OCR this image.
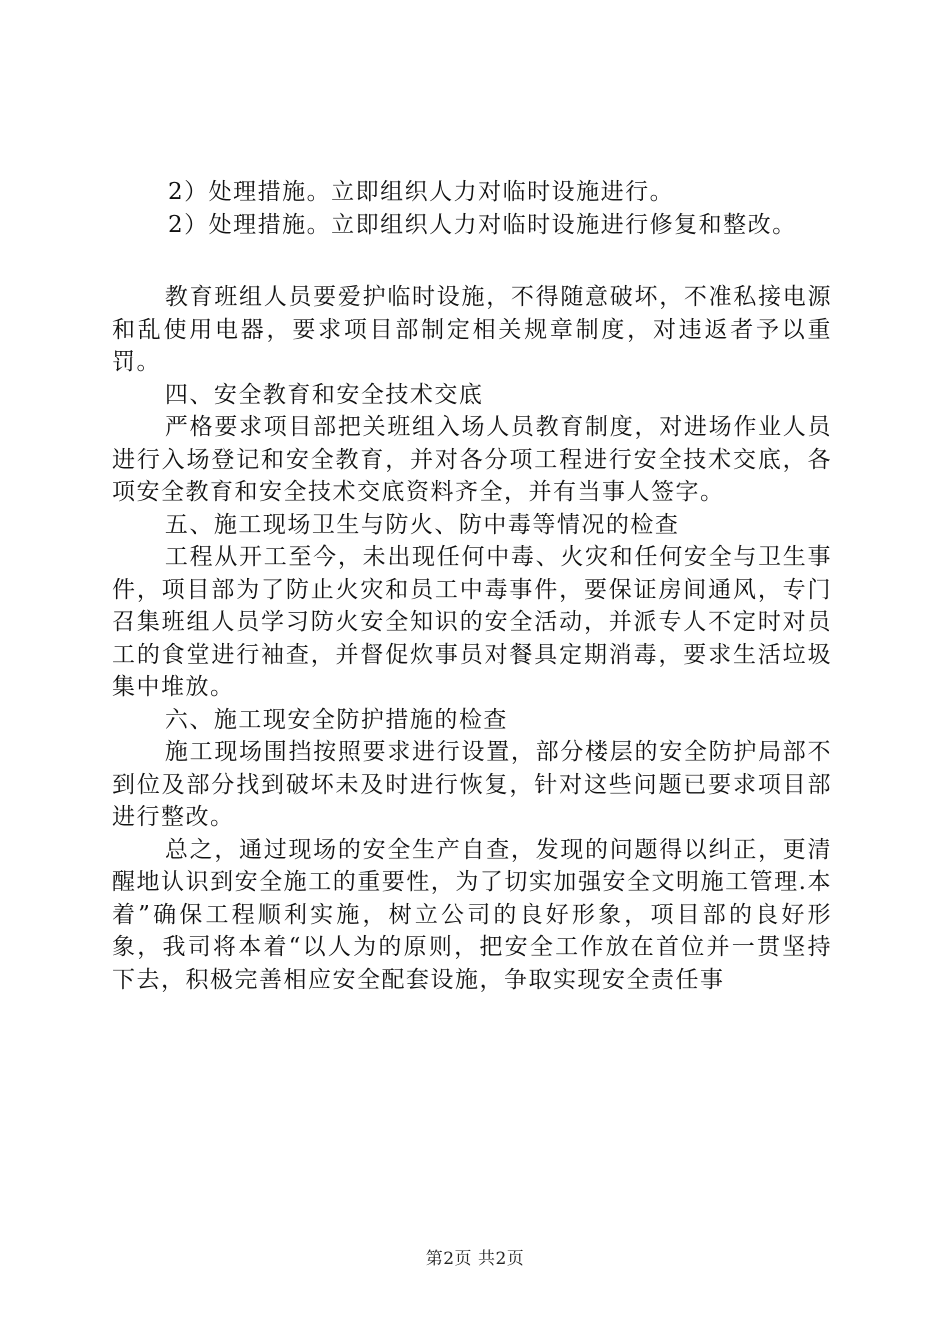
2）处理措施。立即组织人力对临时设施进行。

2）处理措施。立即组织人力对临时设施进行修复和整改。

教育班组人员要爱护临时设施，不得随意破坏，不准私接电源和乱使用电器，要求项目部制定相关规章制度，对违返者予以重罚。

四、安全教育和安全技术交底

严格要求项目部把关班组入场人员教育制度，对进场作业人员进行入场登记和安全教育，并对各分项工程进行安全技术交底，各项安全教育和安全技术交底资料齐全，并有当事人签字。

五、施工现场卫生与防火、防中毒等情况的检查

工程从开工至今，未出现任何中毒、火灾和任何安全与卫生事件，项目部为了防止火灾和员工中毒事件，要保证房间通风，专门召集班组人员学习防火安全知识的安全活动，并派专人不定时对员工的食堂进行袖查，并督促炊事员对餐具定期消毒，要求生活垃圾集中堆放。

六、施工现安全防护措施的检查

施工现场围挡按照要求进行设置，部分楼层的安全防护局部不到位及部分找到破坏未及时进行恢复，针对这些问题已要求项目部进行整改。

总之，通过现场的安全生产自查，发现的问题得以纠正，更清醒地认识到安全施工的重要性，为了切实加强安全文明施工管理.本着”确保工程顺利实施，树立公司的良好形象，项目部的良好形象，我司将本着“以人为的原则，把安全工作放在首位并一贯坚持下去，积极完善相应安全配套设施，争取实现安全责任事

第2页 共2页
